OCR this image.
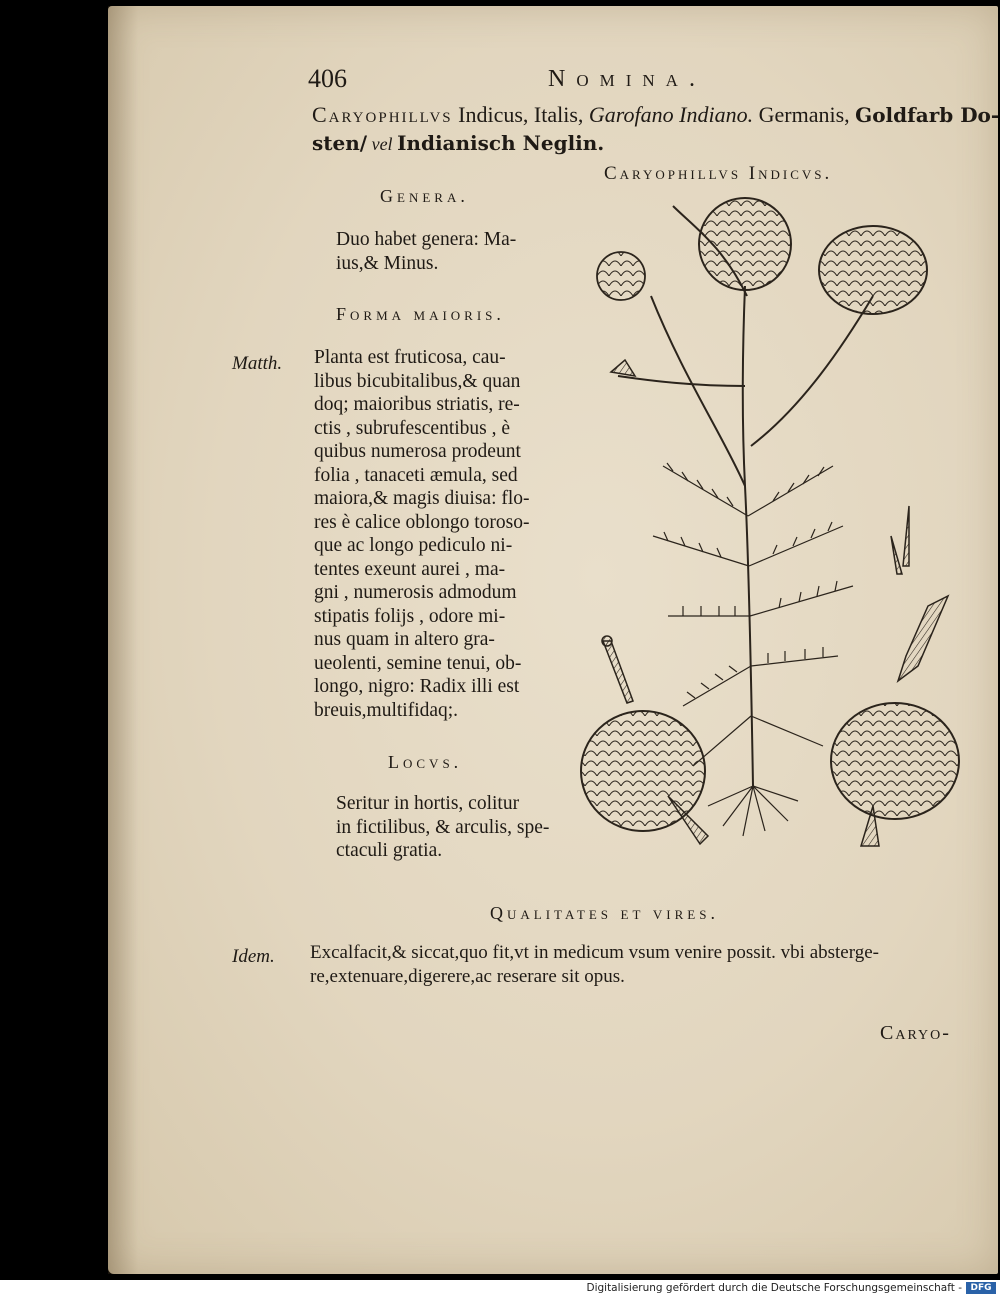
406	Nomina.
Caryophillvs Indicus, Italis, Garofano Indiano. Germanis, Goldfarb Do-
sten/ vel Indianisch Neglin.
Caryophillvs Indicvs.
Genera.
Duo habet genera: Ma-
ius,& Minus.
Forma maioris.
Matth. Planta est fruticosa, cau-
libus bicubitalibus,& quan
doq; maioribus striatis, re-
ctis , subrufescentibus , è
quibus numerosa prodeunt
folia , tanaceti æmula, sed
maiora,& magis diuisa: flo-
res è calice oblongo toroso-
que ac longo pediculo ni-
tentes exeunt aurei , ma-
gni , numerosis admodum
stipatis folijs , odore mi-
nus quam in altero gra-
ueolenti, semine tenui, ob-
longo, nigro: Radix illi est
breuis,multifidaq;.
Locvs.
Seritur in hortis, colitur
in fictilibus, & arculis, spe-
ctaculi gratia.
Qualitates et vires.
Idem. Excalfacit,& siccat,quo fit,vt in medicum vsum venire possit. vbi absterge-
re,extenuare,digerere,ac reserare sit opus.
Caryo-
Digitalisierung gefördert durch die Deutsche Forschungsgemeinschaft - DFG
